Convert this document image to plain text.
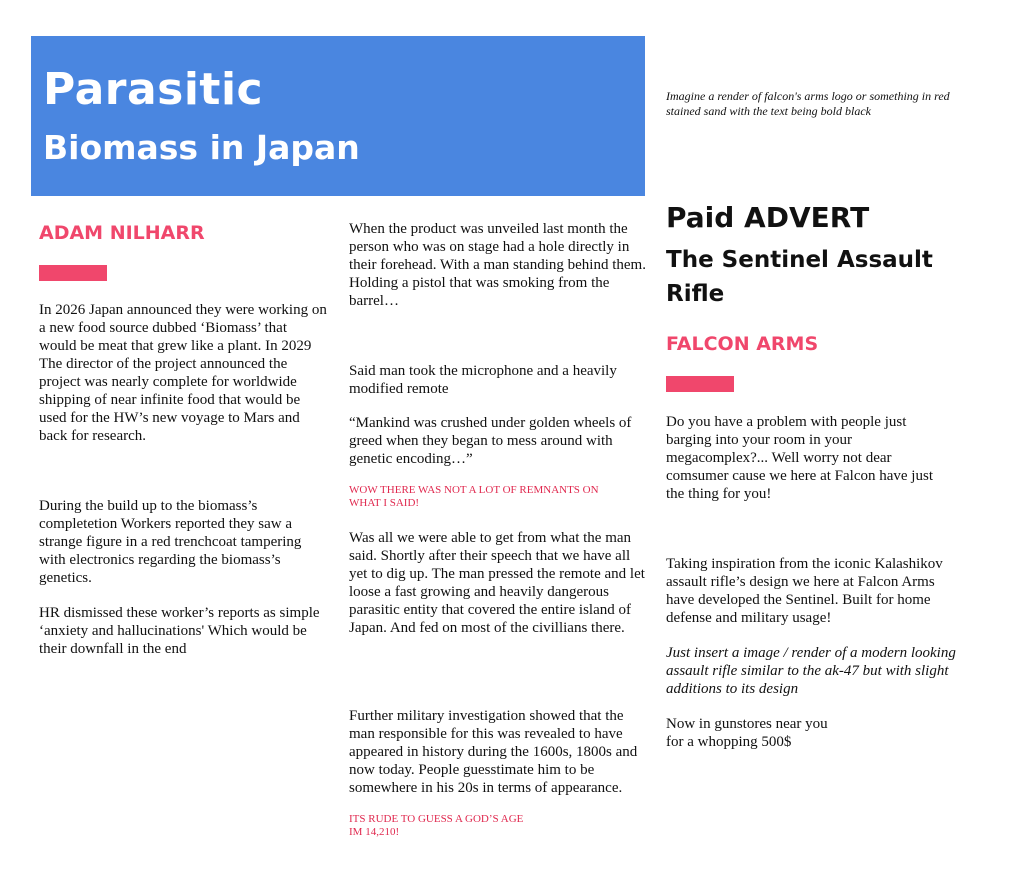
Parasitic
Biomass in Japan
Imagine a render of falcon's arms logo or something in red stained sand with the text being bold black
ADAM NILHARR
In 2026 Japan announced they were working on a new food source dubbed ‘Biomass’ that would be meat that grew like a plant. In 2029 The director of the project announced the project was nearly complete for worldwide shipping of near infinite food that would be used for the HW’s new voyage to Mars and back for research.
During the build up to the biomass’s completetion Workers reported they saw a strange figure in a red trenchcoat tampering with electronics regarding the biomass’s genetics.
HR dismissed these worker’s reports as simple ‘anxiety and hallucinations' Which would be their downfall in the end
When the product was unveiled last month the person who was on stage had a hole directly in their forehead. With a man standing behind them. Holding a pistol that was smoking from the barrel…
Said man took the microphone and a heavily modified remote
“Mankind was crushed under golden wheels of greed when they began to mess around with genetic encoding…”
WOW THERE WAS NOT A LOT OF REMNANTS ON WHAT I SAID!
Was all we were able to get from what the man said. Shortly after their speech that we have all yet to dig up. The man pressed the remote and let loose a fast growing and heavily dangerous parasitic entity that covered the entire island of Japan. And fed on most of the civillians there.
Further military investigation showed that the man responsible for this was revealed to have appeared in history during the 1600s, 1800s and now today. People guesstimate him to be somewhere in his 20s in terms of appearance.
ITS RUDE TO GUESS A GOD’S AGE
IM 14,210!
Paid ADVERT
The Sentinel Assault Rifle
FALCON ARMS
Do you have a problem with people just barging into your room in your megacomplex?... Well worry not dear comsumer cause we here at Falcon have just the thing for you!
Taking inspiration from the iconic Kalashikov assault rifle’s design we here at Falcon Arms have developed the Sentinel. Built for home defense and military usage!
Just insert a image / render of a modern looking assault rifle similar to the ak-47 but with slight additions to its design
Now in gunstores near you
for a whopping 500$
